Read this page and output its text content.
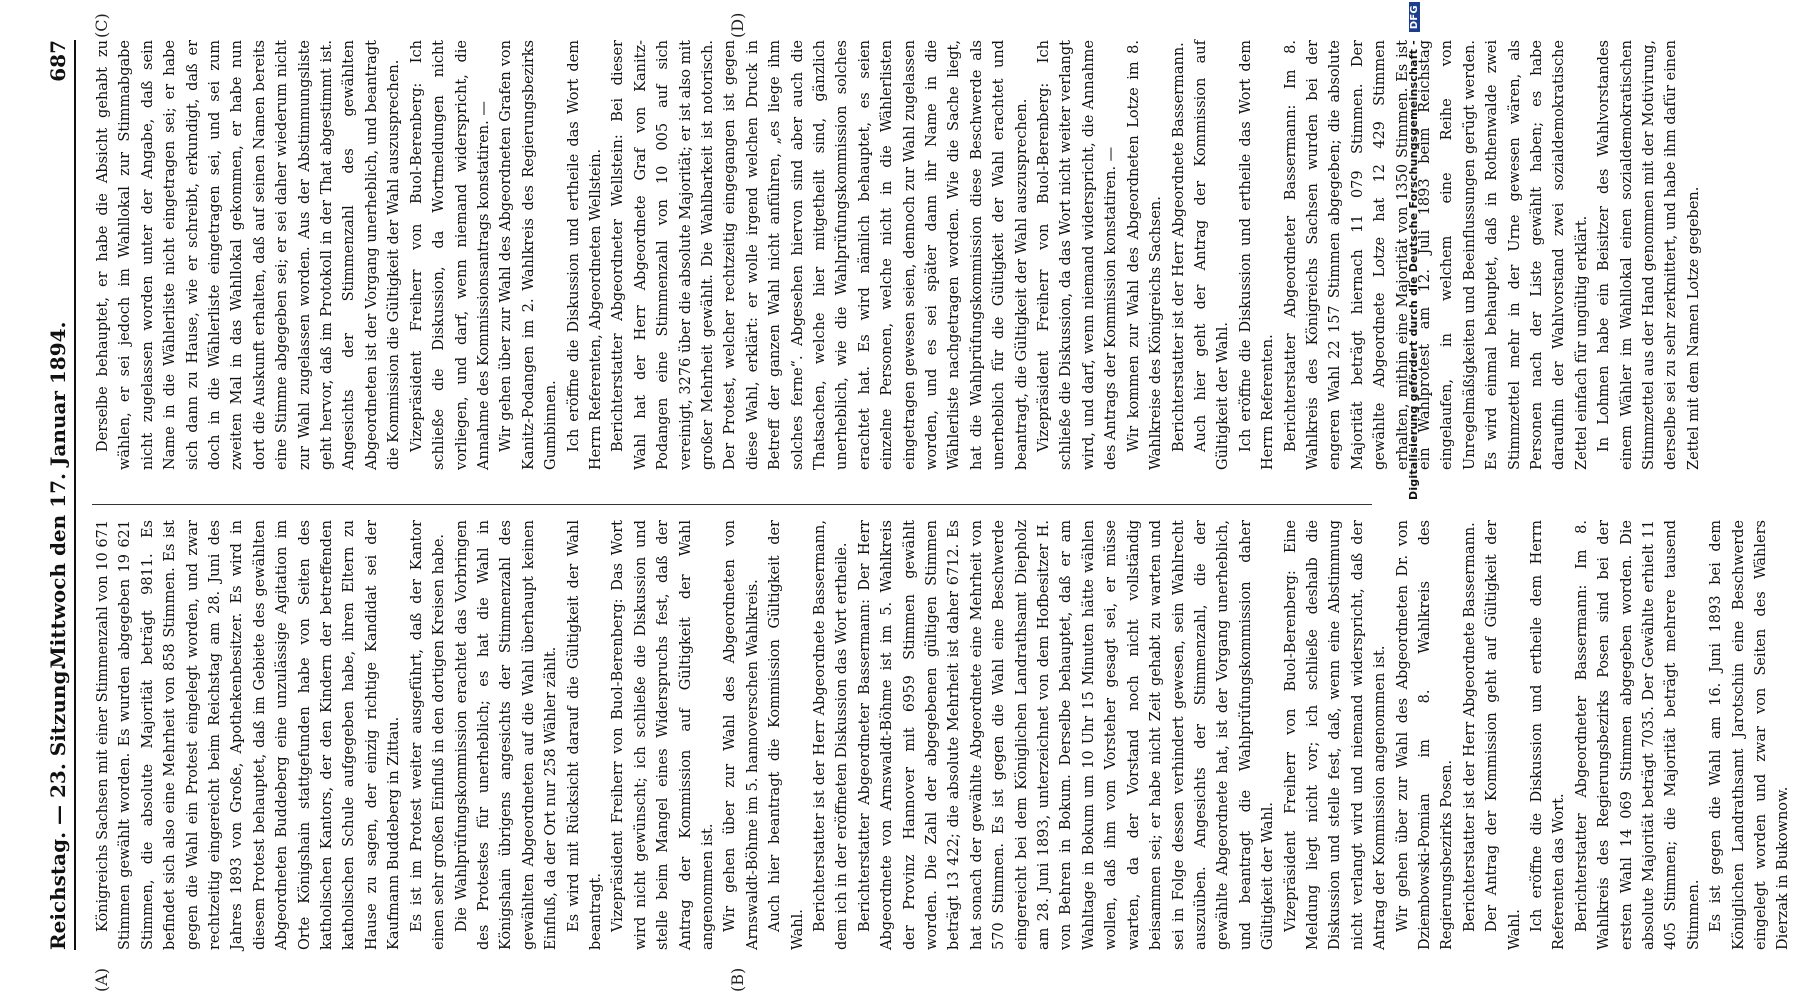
Reichstag. — 23. Sitzung.
Mittwoch den 17. Januar 1894.
687
(A)	(B)
(C)	(D)

Königreichs Sachsen mit einer Stimmenzahl von 10 671 Stimmen gewählt worden. Es wurden abgegeben 19 621 Stimmen, die absolute Majorität beträgt 9811. Es befindet sich also eine Mehrheit von 858 Stimmen. Es ist gegen die Wahl ein Protest eingelegt worden, und zwar rechtzeitig eingereicht beim Reichstag am 28. Juni des Jahres 1893 von Große, Apothekenbesitzer. Es wird in diesem Protest behauptet, daß im Gebiete des gewählten Abgeordneten Buddeberg eine unzulässige Agitation im Orte Königshain stattgefunden habe von Seiten des katholischen Kantors, der den Kindern der betreffenden katholischen Schule aufgegeben habe, ihren Eltern zu Hause zu sagen, der einzig richtige Kandidat sei der Kaufmann Buddeberg in Zittau. Es ist im Protest weiter ausgeführt, daß der Kantor einen sehr großen Einfluß in den dortigen Kreisen habe. Die Wahlprüfungskommission erachtet das Vorbringen des Protestes für unerheblich; es hat die Wahl in Königshain übrigens angesichts der Stimmenzahl des gewählten Abgeordneten auf die Wahl überhaupt keinen Einfluß, da der Ort nur 258 Wähler zählt. Es wird mit Rücksicht darauf die Gültigkeit der Wahl beantragt. Vizepräsident Freiherr von Buol-Berenberg: Das Wort wird nicht gewünscht; ich schließe die Diskussion und stelle beim Mangel eines Widerspruchs fest, daß der Antrag der Kommission auf Gültigkeit der Wahl angenommen ist. Wir gehen über zur Wahl des Abgeordneten von Arnswaldt-Böhme im 5. hannoverschen Wahlkreis. Auch hier beantragt die Kommission Gültigkeit der Wahl. Berichterstatter ist der Herr Abgeordnete Bassermann, dem ich in der eröffneten Diskussion das Wort ertheile. Berichterstatter Abgeordneter Bassermann: Der Herr Abgeordnete von Arnswaldt-Böhme ist im 5. Wahlkreis der Provinz Hannover mit 6959 Stimmen gewählt worden. Die Zahl der abgegebenen gültigen Stimmen beträgt 13 422; die absolute Mehrheit ist daher 6712. Es hat sonach der gewählte Abgeordnete eine Mehrheit von 570 Stimmen. Es ist gegen die Wahl eine Beschwerde eingereicht bei dem Königlichen Landrathsamt Diepholz am 28. Juni 1893, unterzeichnet von dem Hofbesitzer H. von Behren in Bokum. Derselbe behauptet, daß er am Wahltage in Bokum um 10 Uhr 15 Minuten hätte wählen wollen, daß ihm vom Vorsteher gesagt sei, er müsse warten, da der Vorstand noch nicht vollständig beisammen sei; er habe nicht Zeit gehabt zu warten und sei in Folge dessen verhindert gewesen, sein Wahlrecht auszuüben. Angesichts der Stimmenzahl, die der gewählte Abgeordnete hat, ist der Vorgang unerheblich, und beantragt die Wahlprüfungskommission daher Gültigkeit der Wahl. Vizepräsident Freiherr von Buol-Berenberg: Eine Meldung liegt nicht vor; ich schließe deshalb die Diskussion und stelle fest, daß, wenn eine Abstimmung nicht verlangt wird und niemand widerspricht, daß der Antrag der Kommission angenommen ist. Wir gehen über zur Wahl des Abgeordneten Dr. von Dziembowski-Pomian im 8. Wahlkreis des Regierungsbezirks Posen. Berichterstatter ist der Herr Abgeordnete Bassermann. Der Antrag der Kommission geht auf Gültigkeit der Wahl. Ich eröffne die Diskussion und ertheile dem Herrn Referenten das Wort. Berichterstatter Abgeordneter Bassermann: Im 8. Wahlkreis des Regierungsbezirks Posen sind bei der ersten Wahl 14 069 Stimmen abgegeben worden. Die absolute Majorität beträgt 7035. Der Gewählte erhielt 11 405 Stimmen; die Majorität beträgt mehrere tausend Stimmen. Es ist gegen die Wahl am 16. Juni 1893 bei dem Königlichen Landrathsamt Jarotschin eine Beschwerde eingelegt worden und zwar von Seiten des Wählers Dierzak in Bukownow.

Derselbe behauptet, er habe die Absicht gehabt zu wählen, er sei jedoch im Wahllokal zur Stimmabgabe nicht zugelassen worden unter der Angabe, daß sein Name in die Wählerliste nicht eingetragen sei; er habe sich dann zu Hause, wie er schreibt, erkundigt, daß er doch in die Wählerliste eingetragen sei, und sei zum zweiten Mal in das Wahllokal gekommen, er habe nun dort die Auskunft erhalten, daß auf seinen Namen bereits eine Stimme abgegeben sei; er sei daher wiederum nicht zur Wahl zugelassen worden. Aus der Abstimmungsliste geht hervor, daß im Protokoll in der That abgestimmt ist. Angesichts der Stimmenzahl des gewählten Abgeordneten ist der Vorgang unerheblich, und beantragt die Kommission die Gültigkeit der Wahl auszusprechen. Vizepräsident Freiherr von Buol-Berenberg: Ich schließe die Diskussion, da Wortmeldungen nicht vorliegen, und darf, wenn niemand widerspricht, die Annahme des Kommissionsantrags konstatiren. — Wir gehen über zur Wahl des Abgeordneten Grafen von Kanitz-Podangen im 2. Wahlkreis des Regierungsbezirks Gumbinnen. Ich eröffne die Diskussion und ertheile das Wort dem Herrn Referenten, Abgeordneten Wellstein. Berichterstatter Abgeordneter Wellstein: Bei dieser Wahl hat der Herr Abgeordnete Graf von Kanitz-Podangen eine Stimmenzahl von 10 005 auf sich vereinigt, 3276 über die absolute Majorität; er ist also mit großer Mehrheit gewählt. Die Wahlbarkeit ist notorisch. Der Protest, welcher rechtzeitig eingegangen ist gegen diese Wahl, erklärt: er wolle irgend welchen Druck in Betreff der ganzen Wahl nicht anführen, „es liege ihm solches ferne“. Abgesehen hiervon sind aber auch die Thatsachen, welche hier mitgetheilt sind, gänzlich unerheblich, wie die Wahlprüfungskommission solches erachtet hat. Es wird nämlich behauptet, es seien einzelne Personen, welche nicht in die Wählerlisten eingetragen gewesen seien, dennoch zur Wahl zugelassen worden, und es sei später dann ihr Name in die Wählerliste nachgetragen worden. Wie die Sache liegt, hat die Wahlprüfungskommission diese Beschwerde als unerheblich für die Gültigkeit der Wahl erachtet und beantragt, die Gültigkeit der Wahl auszusprechen. Vizepräsident Freiherr von Buol-Berenberg: Ich schließe die Diskussion, da das Wort nicht weiter verlangt wird, und darf, wenn niemand widerspricht, die Annahme des Antrags der Kommission konstatiren. — Wir kommen zur Wahl des Abgeordneten Lotze im 8. Wahlkreise des Königreichs Sachsen. Berichterstatter ist der Herr Abgeordnete Bassermann. Auch hier geht der Antrag der Kommission auf Gültigkeit der Wahl. Ich eröffne die Diskussion und ertheile das Wort dem Herrn Referenten. Berichterstatter Abgeordneter Bassermann: Im 8. Wahlkreis des Königreichs Sachsen wurden bei der engeren Wahl 22 157 Stimmen abgegeben; die absolute Majorität beträgt hiernach 11 079 Stimmen. Der gewählte Abgeordnete Lotze hat 12 429 Stimmen erhalten, mithin eine Majorität von 1350 Stimmen. Es ist ein Wahlprotest am 12. Juli 1893 beim Reichstag eingelaufen, in welchem eine Reihe von Unregelmäßigkeiten und Beeinflussungen gerügt werden. Es wird einmal behauptet, daß in Rothenwalde zwei Stimmzettel mehr in der Urne gewesen wären, als Personen nach der Liste gewählt haben; es habe daraufhin der Wahlvorstand zwei sozialdemokratische Zettel einfach für ungültig erklärt. In Lohmen habe ein Beisitzer des Wahlvorstandes einem Wähler im Wahllokal einen sozialdemokratischen Stimmzettel aus der Hand genommen mit der Motivirung, derselbe sei zu sehr zerknittert, und habe ihm dafür einen Zettel mit dem Namen Lotze gegeben.

Digitalisierung gefördert durch die Deutsche Forschungsgemeinschaft - DFG
